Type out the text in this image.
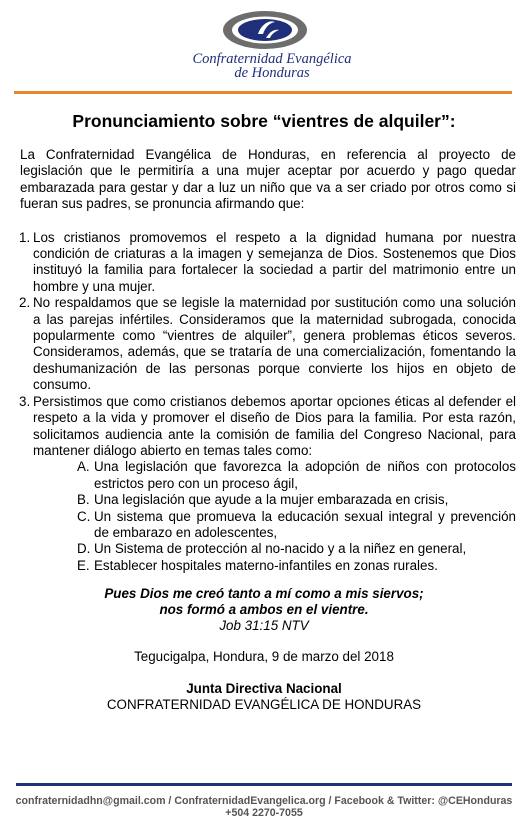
Confraternidad Evangélica
de Honduras
Pronunciamiento sobre “vientres de alquiler”:

La Confraternidad Evangélica de Honduras, en referencia al proyecto de legislación que le permitiría a una mujer aceptar por acuerdo y pago quedar embarazada para gestar y dar a luz un niño que va a ser criado por otros como si fueran sus padres, se pronuncia afirmando que:

1. Los cristianos promovemos el respeto a la dignidad humana por nuestra condición de criaturas a la imagen y semejanza de Dios. Sostenemos que Dios instituyó la familia para fortalecer la sociedad a partir del matrimonio entre un hombre y una mujer.
2. No respaldamos que se legisle la maternidad por sustitución como una solución a las parejas infértiles. Consideramos que la maternidad subrogada, conocida popularmente como “vientres de alquiler”, genera problemas éticos severos. Consideramos, además, que se trataría de una comercialización, fomentando la deshumanización de las personas porque convierte los hijos en objeto de consumo.
3. Persistimos que como cristianos debemos aportar opciones éticas al defender el respeto a la vida y promover el diseño de Dios para la familia. Por esta razón, solicitamos audiencia ante la comisión de familia del Congreso Nacional, para mantener diálogo abierto en temas tales como:
A. Una legislación que favorezca la adopción de niños con protocolos estrictos pero con un proceso ágil,
B. Una legislación que ayude a la mujer embarazada en crisis,
C. Un sistema que promueva la educación sexual integral y prevención de embarazo en adolescentes,
D. Un Sistema de protección al no-nacido y a la niñez en general,
E. Establecer hospitales materno-infantiles en zonas rurales.
Pues Dios me creó tanto a mí como a mis siervos;
nos formó a ambos en el vientre.
Job 31:15 NTV
Tegucigalpa, Hondura, 9 de marzo del 2018
Junta Directiva Nacional
CONFRATERNIDAD EVANGÉLICA DE HONDURAS
confraternidadhn@gmail.com / ConfraternidadEvangelica.org / Facebook & Twitter: @CEHonduras
+504 2270-7055
